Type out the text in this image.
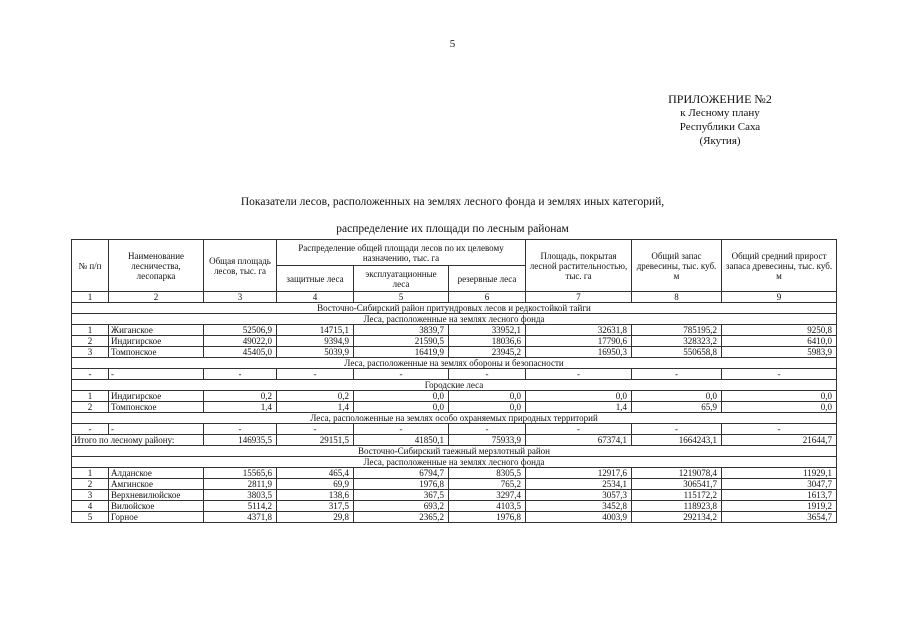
5
ПРИЛОЖЕНИЕ №2
к Лесному плану
Республики Саха
(Якутия)
Показатели лесов, расположенных на землях лесного фонда и землях иных категорий,
распределение их площади по лесным районам
№ п/п	Наименование лесничества, лесопарка	Общая площадь лесов, тыс. га	Распределение общей площади лесов по их целевому назначению, тыс. га			Площадь, покрытая лесной растительностью, тыс. га	Общий запас древесины, тыс. куб. м	Общий средний прирост запаса древесины, тыс. куб. м
			защитные леса	эксплуатационные леса	резервные леса			
1	2	3	4	5	6	7	8	9
Восточно-Сибирский район притундровых лесов и редкостойкой тайги								
Леса, расположенные на землях лесного фонда								
1	Жиганское	52506,9	14715,1	3839,7	33952,1	32631,8	785195,2	9250,8
2	Индигирское	49022,0	9394,9	21590,5	18036,6	17790,6	328323,2	6410,0
3	Томпонское	45405,0	5039,9	16419,9	23945,2	16950,3	550658,8	5983,9
Леса, расположенные на землях обороны и безопасности								
-	-	-	-	-	-	-	-	-
Городские леса								
1	Индигирское	0,2	0,2	0,0	0,0	0,0	0,0	0,0
2	Томпонское	1,4	1,4	0,0	0,0	1,4	65,9	0,0
Леса, расположенные на землях особо охраняемых природных территорий								
-	-	-	-	-	-	-	-	-
Итого по лесному району:		146935,5	29151,5	41850,1	75933,9	67374,1	1664243,1	21644,7
Восточно-Сибирский таежный мерзлотный район								
Леса, расположенные на землях лесного фонда								
1	Алданское	15565,6	465,4	6794,7	8305,5	12917,6	1219078,4	11929,1
2	Амгинское	2811,9	69,9	1976,8	765,2	2534,1	306541,7	3047,7
3	Верхневилюйское	3803,5	138,6	367,5	3297,4	3057,3	115172,2	1613,7
4	Вилюйское	5114,2	317,5	693,2	4103,5	3452,8	118923,8	1919,2
5	Горное	4371,8	29,8	2365,2	1976,8	4003,9	292134,2	3654,7
